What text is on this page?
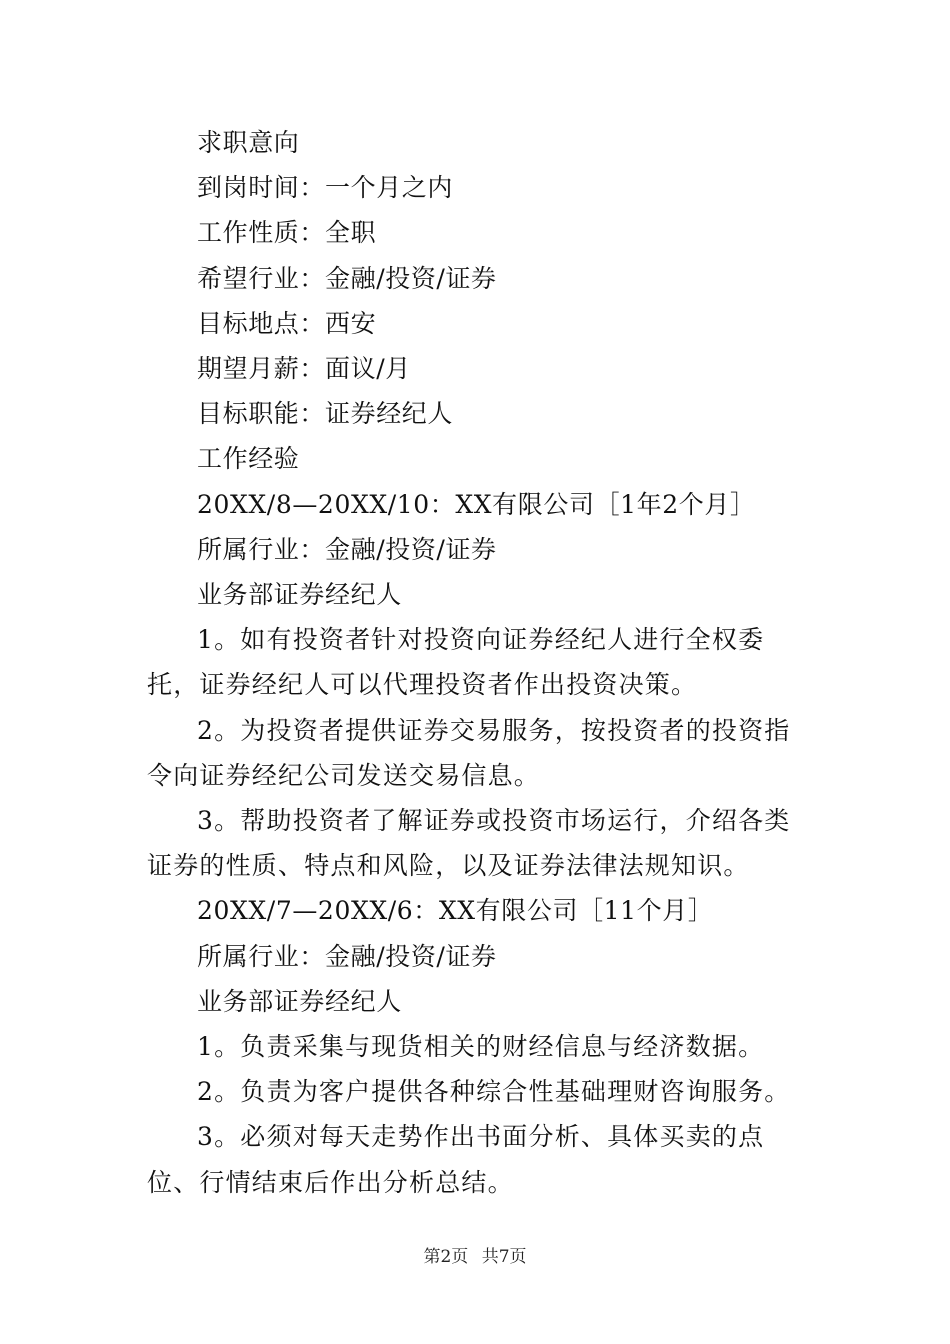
求职意向
到岗时间：一个月之内
工作性质：全职
希望行业：金融/投资/证券
目标地点：西安
期望月薪：面议/月
目标职能：证券经纪人
工作经验
20XX/8—20XX/10：XX有限公司［1年2个月］
所属行业：金融/投资/证券
业务部证券经纪人

1。如有投资者针对投资向证券经纪人进行全权委托，证券经纪人可以代理投资者作出投资决策。

2。为投资者提供证券交易服务，按投资者的投资指令向证券经纪公司发送交易信息。

3。帮助投资者了解证券或投资市场运行，介绍各类证券的性质、特点和风险，以及证券法律法规知识。

20XX/7—20XX/6：XX有限公司［11个月］
所属行业：金融/投资/证券
业务部证券经纪人

1。负责采集与现货相关的财经信息与经济数据。

2。负责为客户提供各种综合性基础理财咨询服务。

3。必须对每天走势作出书面分析、具体买卖的点位、行情结束后作出分析总结。

第2页 共7页
